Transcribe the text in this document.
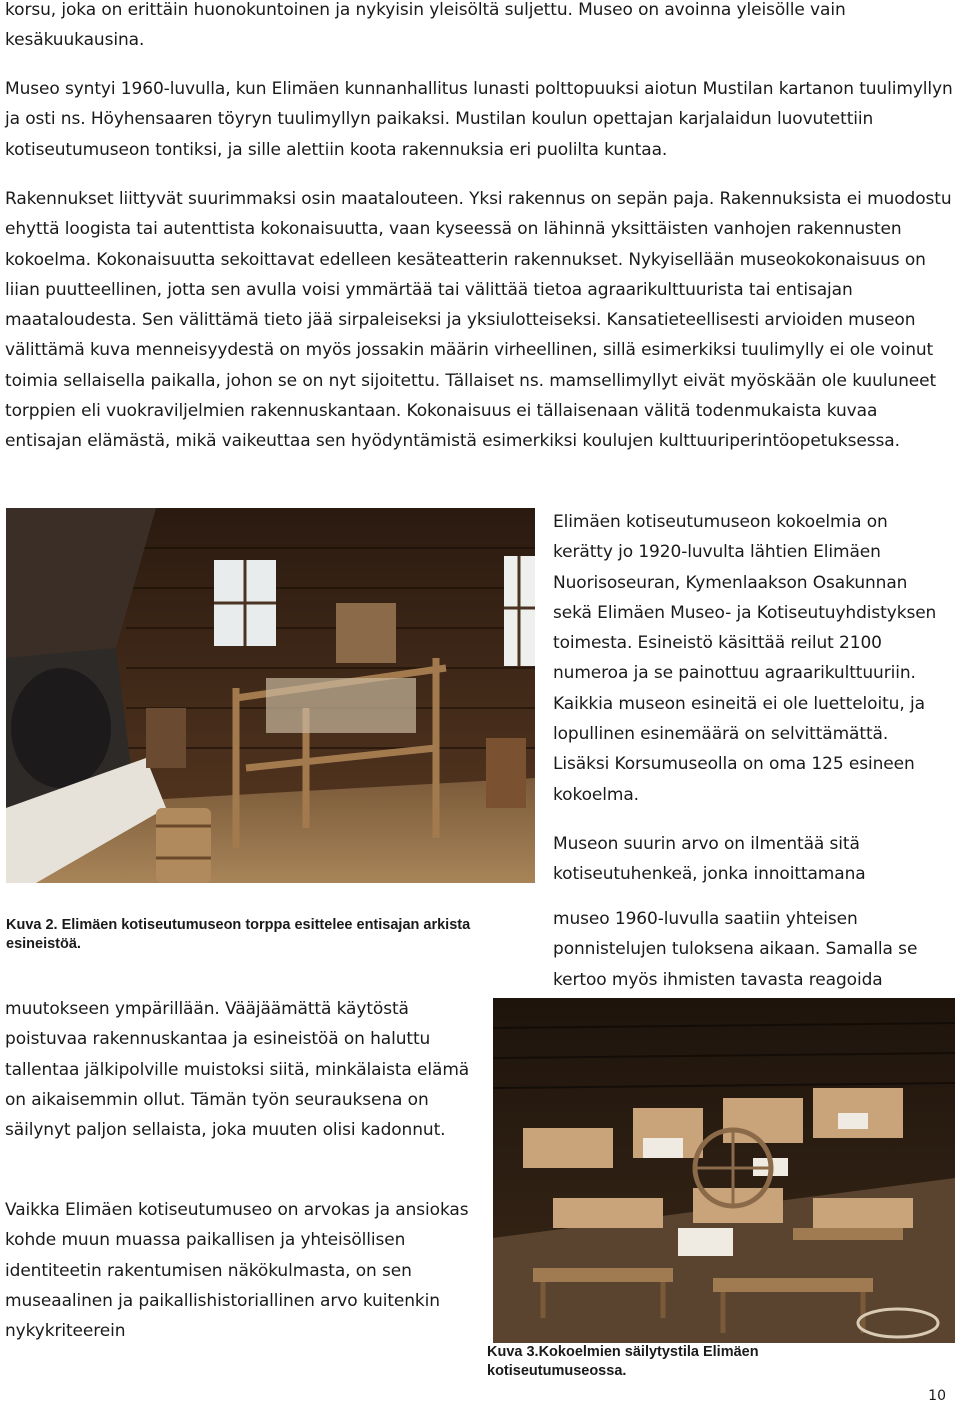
korsu, joka on erittäin huonokuntoinen ja nykyisin yleisöltä suljettu. Museo on avoinna yleisölle vain kesäkuukausina.

Museo syntyi 1960-luvulla, kun Elimäen kunnanhallitus lunasti polttopuuksi aiotun Mustilan kartanon tuulimyllyn ja osti ns. Höyhensaaren töyryn tuulimyllyn paikaksi. Mustilan koulun opettajan karjalaidun luovutettiin kotiseutumuseon tontiksi, ja sille alettiin koota rakennuksia eri puolilta kuntaa.

Rakennukset liittyvät suurimmaksi osin maatalouteen. Yksi rakennus on sepän paja. Rakennuksista ei muodostu ehyttä loogista tai autenttista kokonaisuutta, vaan kyseessä on lähinnä yksittäisten vanhojen rakennusten kokoelma. Kokonaisuutta sekoittavat edelleen kesäteatterin rakennukset. Nykyisellään museokokonaisuus on liian puutteellinen, jotta sen avulla voisi ymmärtää tai välittää tietoa agraarikulttuurista tai entisajan maataloudesta. Sen välittämä tieto jää sirpaleiseksi ja yksiulotteiseksi. Kansatieteellisesti arvioiden museon välittämä kuva menneisyydestä on myös jossakin määrin virheellinen, sillä esimerkiksi tuulimylly ei ole voinut toimia sellaisella paikalla, johon se on nyt sijoitettu. Tällaiset ns. mamsellimyllyt eivät myöskään ole kuuluneet torppien eli vuokraviljelmien rakennuskantaan. Kokonaisuus ei tällaisenaan välitä todenmukaista kuvaa entisajan elämästä, mikä vaikeuttaa sen hyödyntämistä esimerkiksi koulujen kulttuuriperintöopetuksessa.

Kuva 2. Elimäen kotiseutumuseon torppa esittelee entisajan arkista esineistöä.

Elimäen kotiseutumuseon kokoelmia on kerätty jo 1920-luvulta lähtien Elimäen Nuorisoseuran, Kymenlaakson Osakunnan sekä Elimäen Museo- ja Kotiseutuyhdistyksen toimesta. Esineistö käsittää reilut 2100 numeroa ja se painottuu agraarikulttuuriin. Kaikkia museon esineitä ei ole luetteloitu, ja lopullinen esinemäärä on selvittämättä. Lisäksi Korsumuseolla on oma 125 esineen kokoelma.

Museon suurin arvo on ilmentää sitä kotiseutuhenkeä, jonka innoittamana

museo 1960-luvulla saatiin yhteisen ponnistelujen tuloksena aikaan. Samalla se kertoo myös ihmisten tavasta reagoida

muutokseen ympärillään. Vääjäämättä käytöstä poistuvaa rakennuskantaa ja esineistöä on haluttu tallentaa jälkipolville muistoksi siitä, minkälaista elämä on aikaisemmin ollut. Tämän työn seurauksena on säilynyt paljon sellaista, joka muuten olisi kadonnut.

Vaikka Elimäen kotiseutumuseo on arvokas ja ansiokas kohde muun muassa paikallisen ja yhteisöllisen identiteetin rakentumisen näkökulmasta, on sen museaalinen ja paikallishistoriallinen arvo kuitenkin nykykriteerein

Kuva 3.Kokoelmien säilytystila Elimäen kotiseutumuseossa.

10
